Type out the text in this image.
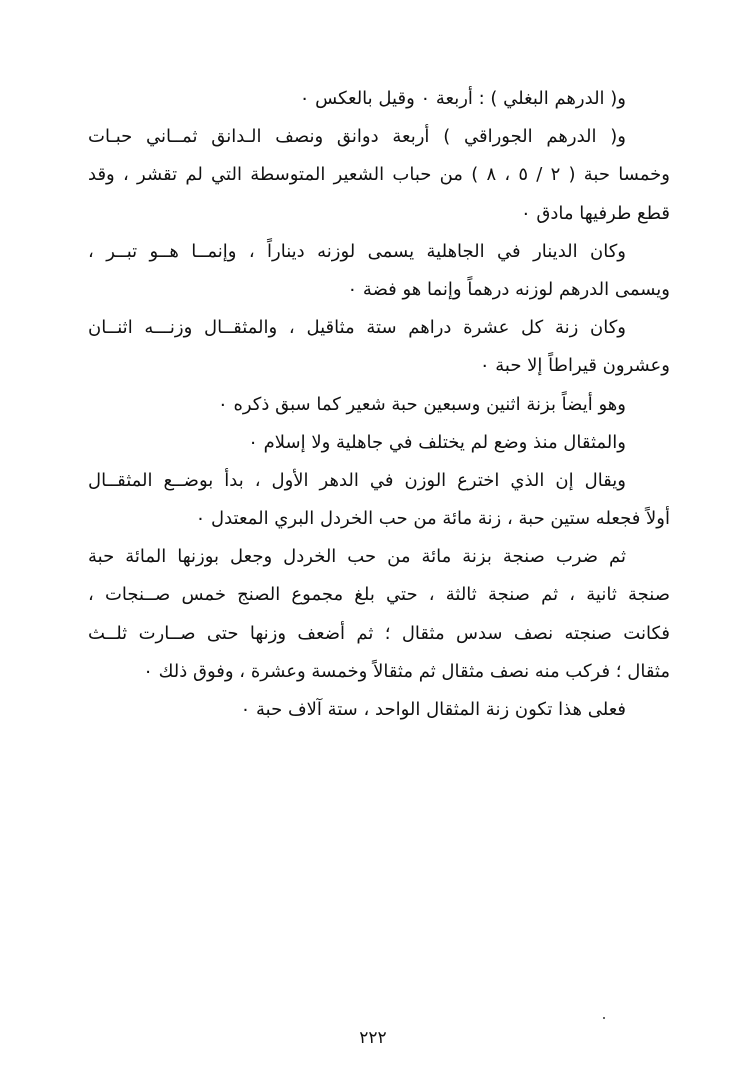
و( الدرهم البغلي ) : أربعة ٠ وقيل بالعكس ٠
و( الدرهم الجوراقي ) أربعة دوانق ونصف الـدانق ثمــاني حبـات
وخمسا حبة ( ٢ / ٥ ، ٨ ) من حباب الشعير المتوسطة التي لم تقشر ، وقد
قطع طرفيها مادق ٠
وكان الدينار في الجاهلية يسمى لوزنه ديناراً ، وإنمــا هــو تبــر ،
ويسمى الدرهم لوزنه درهماً وإنما هو فضة ٠
وكان زنة كل عشرة دراهم ستة مثاقيل ، والمثقــال وزنـــه اثنــان
وعشرون قيراطاً إلا حبة ٠
وهو أيضاً بزنة اثنين وسبعين حبة شعير كما سبق ذكره ٠
والمثقال منذ وضع لم يختلف في جاهلية ولا إسلام ٠
ويقال إن الذي اخترع الوزن في الدهر الأول ، بدأ بوضــع المثقــال
أولاً فجعله ستين حبة ، زنة مائة من حب الخردل البري المعتدل ٠
ثم ضرب صنجة بزنة مائة من حب الخردل وجعل بوزنها المائة حبة
صنجة ثانية ، ثم صنجة ثالثة ، حتي بلغ مجموع الصنج خمس صــنجات ،
فكانت صنجته نصف سدس مثقال ؛ ثم أضعف وزنها حتى صــارت ثلــث
مثقال ؛ فركب منه نصف مثقال ثم مثقالاً وخمسة وعشرة ، وفوق ذلك ٠
فعلى هذا تكون زنة المثقال الواحد ، ستة آلاف حبة ٠
٢٢٢
